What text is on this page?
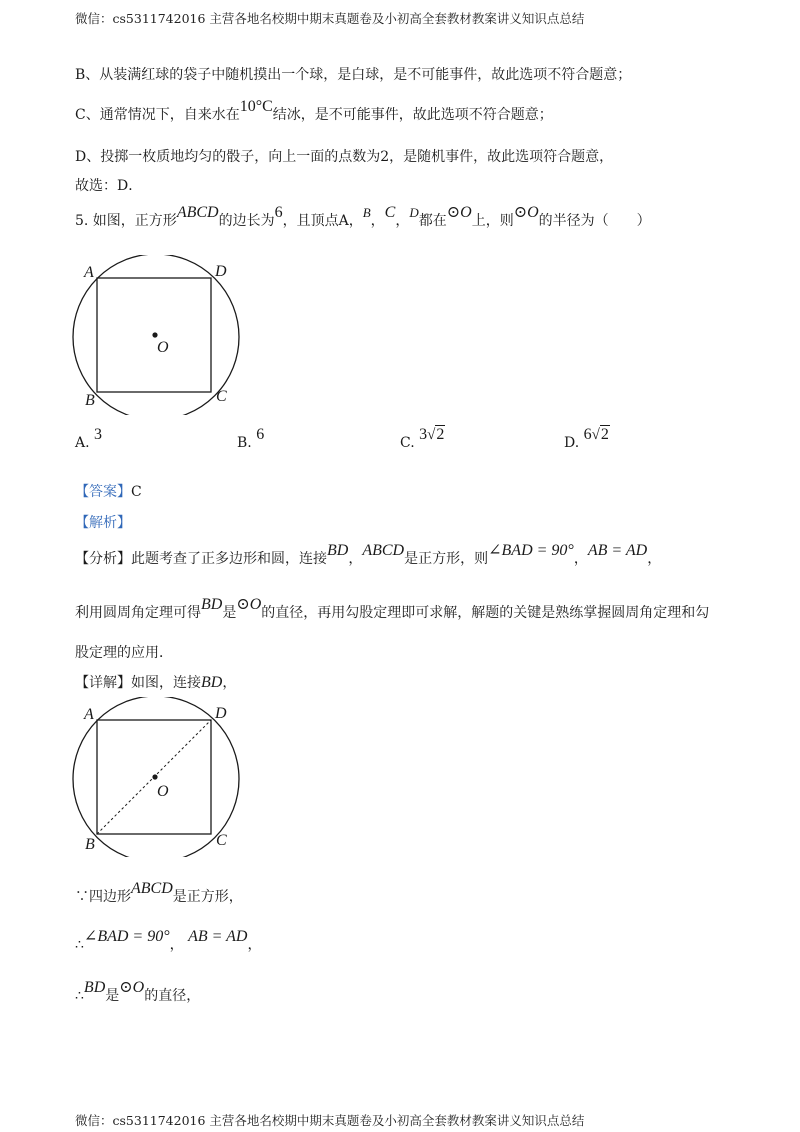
微信：cs5311742016 主营各地名校期中期末真题卷及小初高全套教材教案讲义知识点总结
B、从装满红球的袋子中随机摸出一个球，是白球，是不可能事件，故此选项不符合题意；
C、通常情况下，自来水在10°C结冰，是不可能事件，故此选项不符合题意；
D、投掷一枚质地均匀的骰子，向上一面的点数为2，是随机事件，故此选项符合题意，
故选：D．
5. 如图，正方形ABCD的边长为6，且顶点A，B，C，D都在⊙O上，则⊙O的半径为（　　）
A	D
B	C
O
A. 3	B. 6	C. 3√2	D. 6√2
【答案】C
【解析】
【分析】此题考查了正多边形和圆，连接BD，ABCD是正方形，则∠BAD = 90°，AB = AD，
利用圆周角定理可得BD是⊙O的直径，再用勾股定理即可求解，解题的关键是熟练掌握圆周角定理和勾
股定理的应用．
【详解】如图，连接BD，
A	D
B	C
O
∵四边形ABCD是正方形，
∴∠BAD = 90°， AB = AD，
∴BD是⊙O的直径，
微信：cs5311742016 主营各地名校期中期末真题卷及小初高全套教材教案讲义知识点总结
